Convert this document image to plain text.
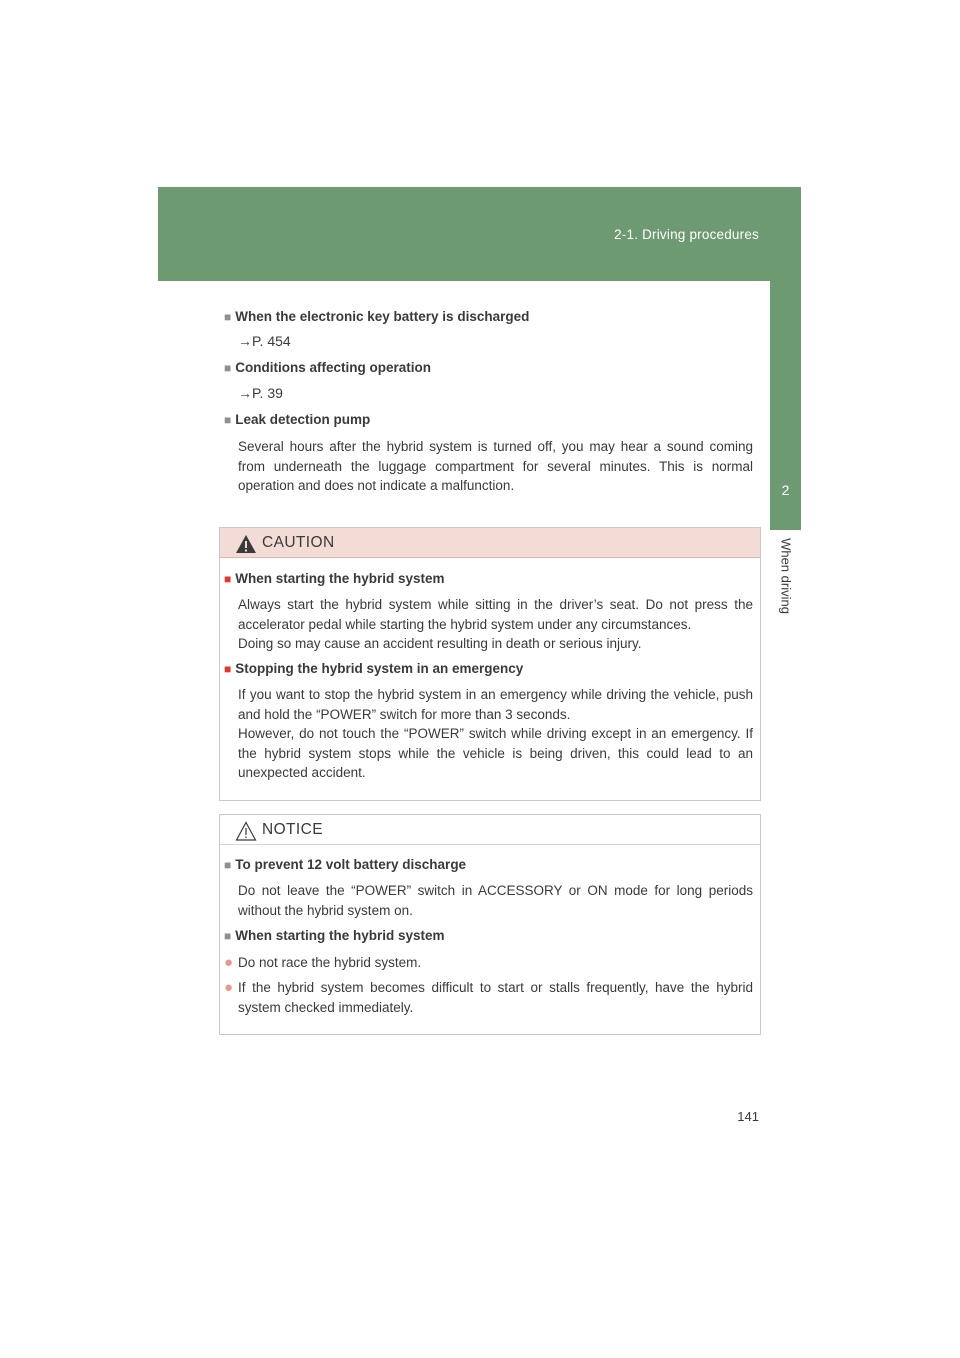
2-1. Driving procedures
2
When driving
■ When the electronic key battery is discharged
→P. 454
■ Conditions affecting operation
→P. 39
■ Leak detection pump
Several hours after the hybrid system is turned off, you may hear a sound coming from underneath the luggage compartment for several minutes. This is normal operation and does not indicate a malfunction.
CAUTION
■ When starting the hybrid system
Always start the hybrid system while sitting in the driver’s seat. Do not press the accelerator pedal while starting the hybrid system under any circumstances.
Doing so may cause an accident resulting in death or serious injury.
■ Stopping the hybrid system in an emergency
If you want to stop the hybrid system in an emergency while driving the vehicle, push and hold the “POWER” switch for more than 3 seconds.
However, do not touch the “POWER” switch while driving except in an emergency. If the hybrid system stops while the vehicle is being driven, this could lead to an unexpected accident.
NOTICE
■ To prevent 12 volt battery discharge
Do not leave the “POWER” switch in ACCESSORY or ON mode for long periods without the hybrid system on.
■ When starting the hybrid system
● Do not race the hybrid system.
● If the hybrid system becomes difficult to start or stalls frequently, have the hybrid system checked immediately.
141
